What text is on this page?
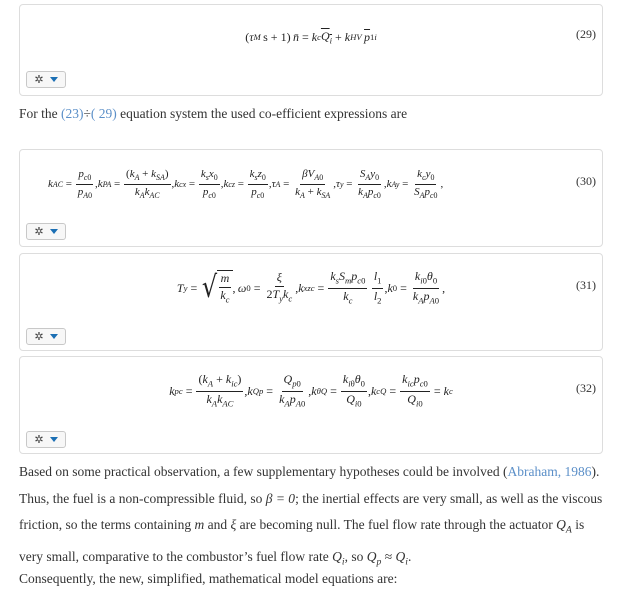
( τ M  s + 1)  n̄ = k c $Q_i + k$ HV
  $\overline{p}$ 1 i	(29)
✲
For the (23)÷( 29) equation system the used co-efficient expressions are
k AC = $\frac{p_{c0}}{p_{A0}}$ , k PA = $\frac{(k_A + k_{SA})}{k_Ak_{AC}}$ , k cx = $\frac{k_sx_0}{p_{c0}}$ , k cz = $\frac{k_sz_0}{p_{c0}}$ , τ $A = \frac{\beta V_{A0}}{k_A + k_{SA}}$ , τ $y = \frac{S_Ay_0}{k_Ap_{c0}}$ , k $Ay = \frac{k_cy_0}{S_Ap_{c0}}$ ,	(30)
✲
T y = √ $\frac{m}{k_c}$ ,  ω $0 = \frac{\xi}{2T_yk_c}$ , k xzc = $\frac{k_sS_mp_{c0}}{k_c}$
  $\frac{l_1}{l_2}$ , k $0 = \frac{k_{i0}\theta_0}{k_Ap_{A0}}$ ,	(31)
✲
k pc = $\frac{(k_A + k_{ic})}{k_Ak_{AC}}$ , k $Qp = \frac{Q_{p0}}{k_Ap_{A0}}$ , k $\theta Q = \frac{k_{i\theta}\theta_0}{Q_{i0}}$ , k cQ = $\frac{k_{ic}p_{c0}}{Q_{i0}} = k$ c	(32)
✲
Based on some practical observation, a few supplementary hypotheses could be involved (Abraham, 1986). Thus, the fuel is a non-compressible fluid, so β = 0; the inertial effects are very small, as well as the viscous friction, so the terms containing m and ξ are becoming null. The fuel flow rate through the actuator $Q_A$ is very small, comparative to the combustor’s fuel flow rate $Q_i$, so $Q_p \approx Q_i$.
Consequently, the new, simplified, mathematical model equations are:
